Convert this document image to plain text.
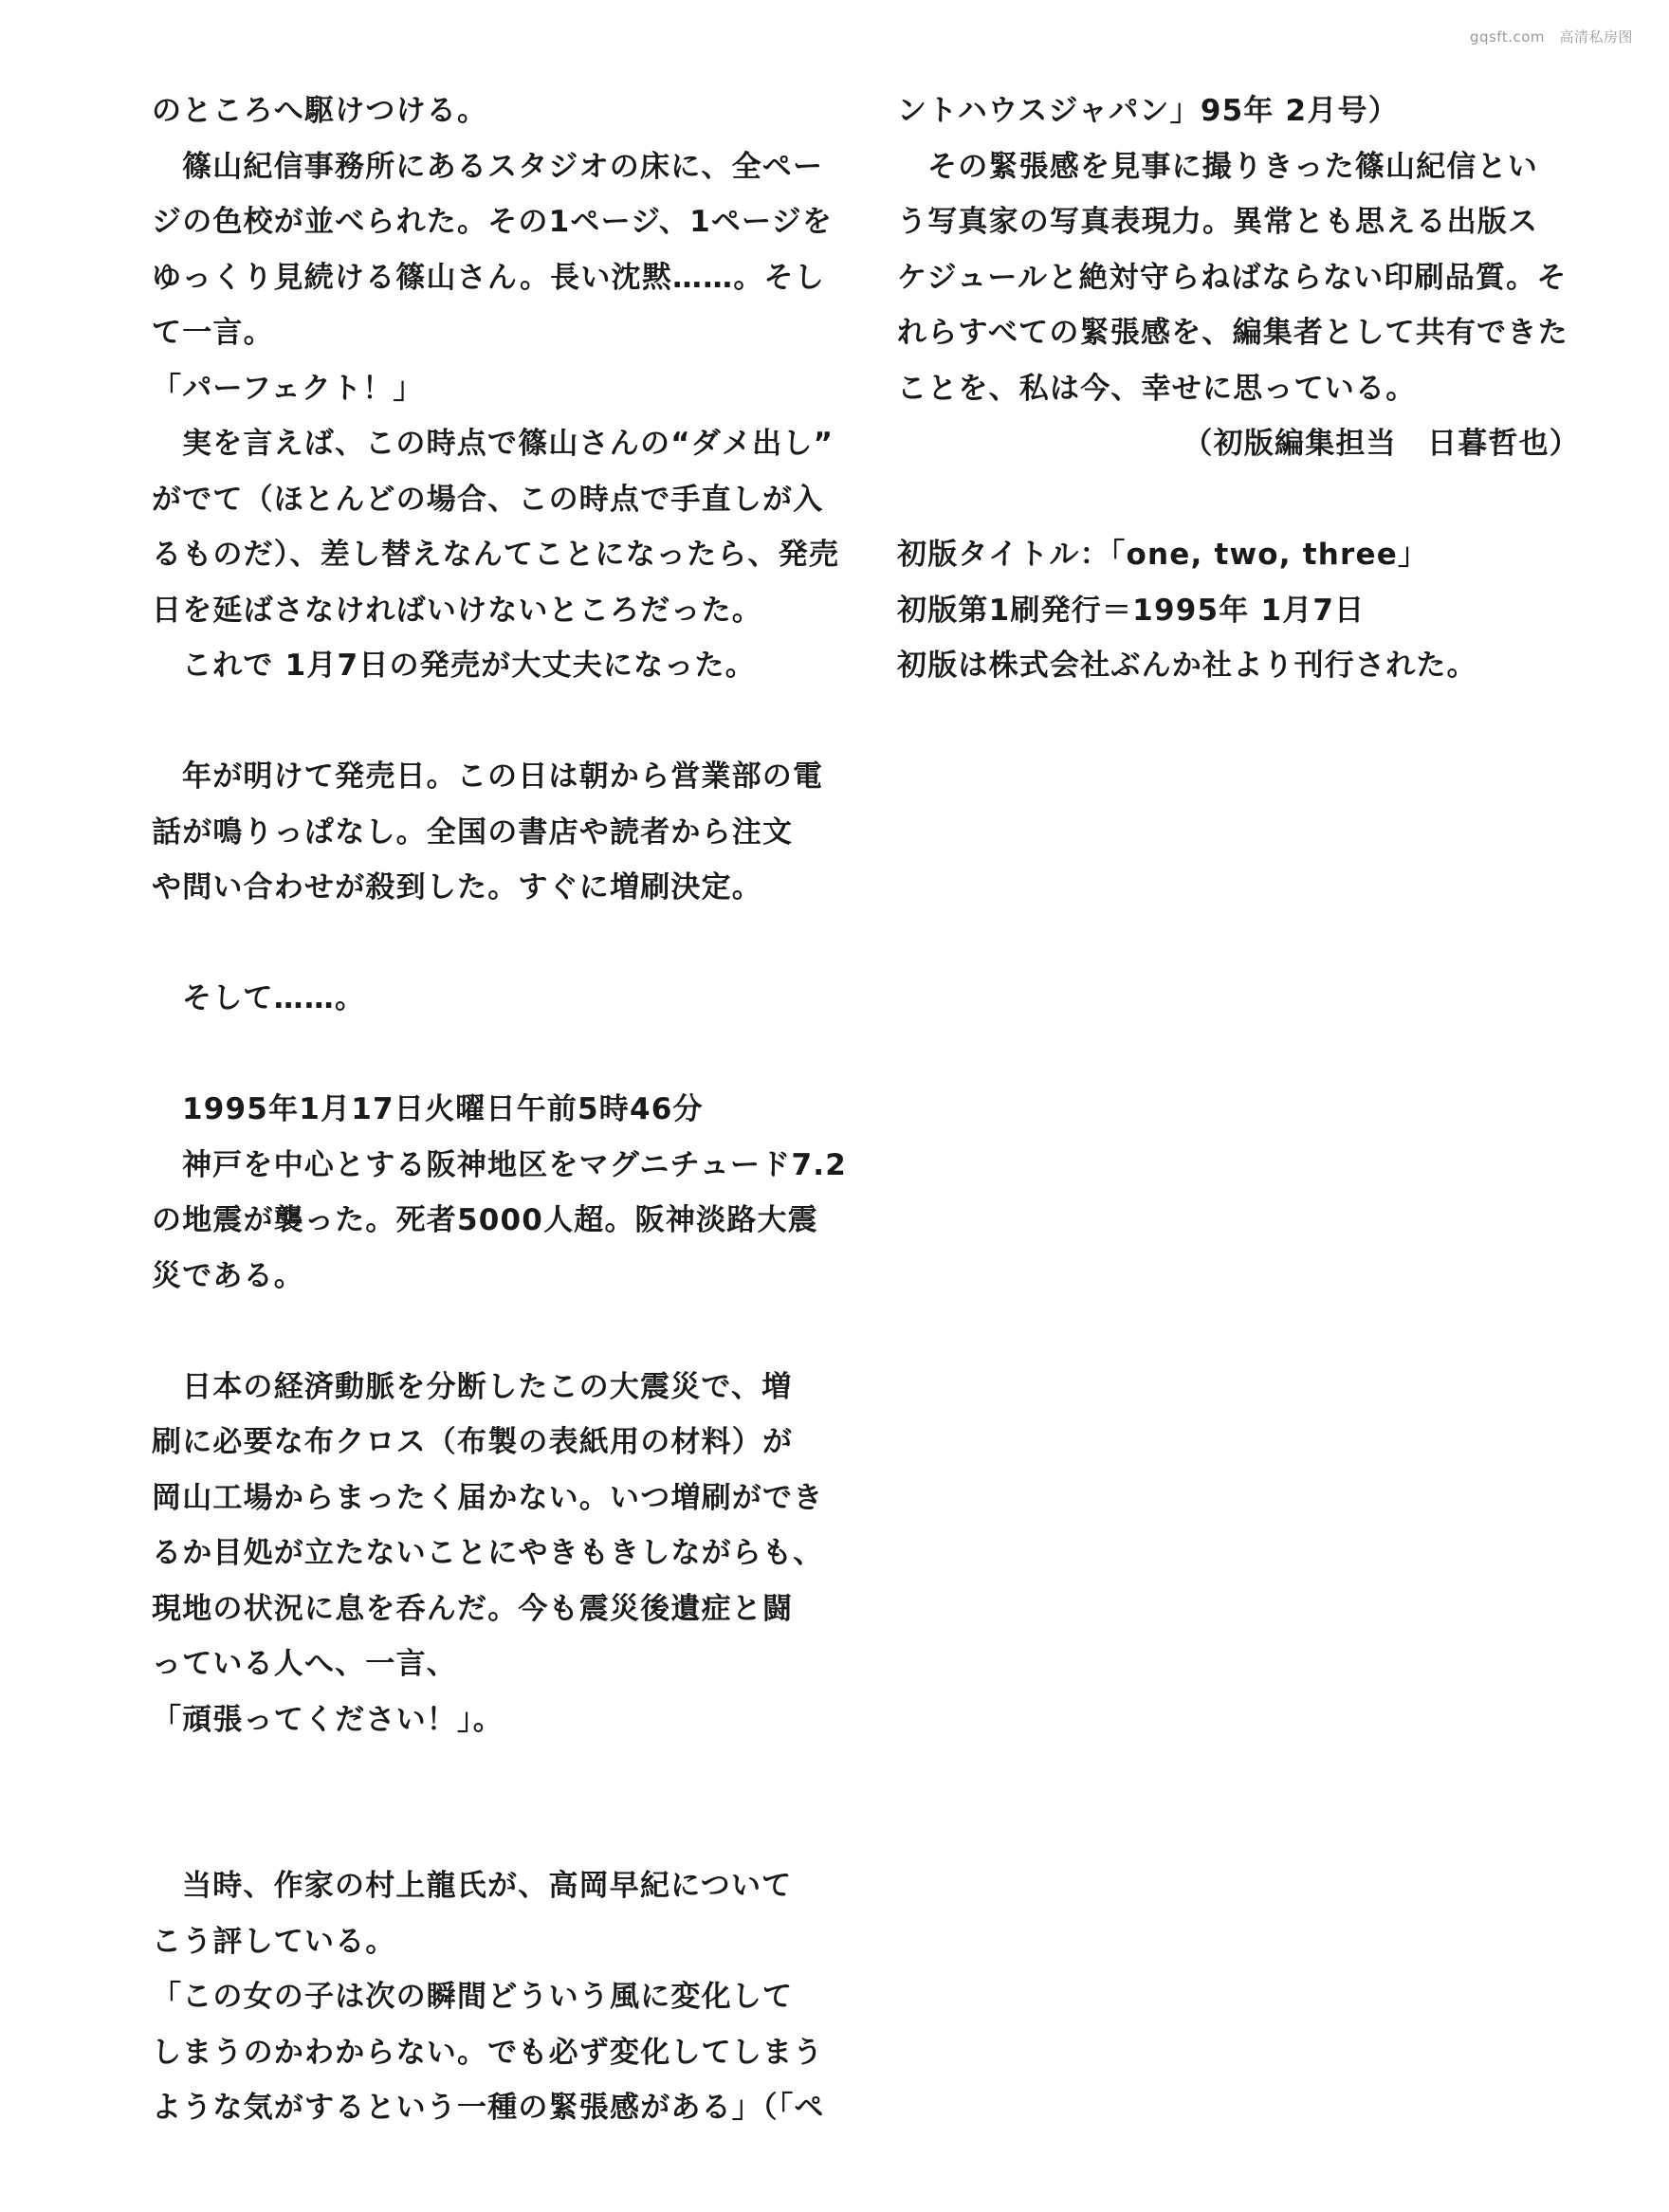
gqsft.com　高清私房图
のところへ駆けつける。
篠山紀信事務所にあるスタジオの床に、全ペー
ジの色校が並べられた。その1ページ、1ページを
ゆっくり見続ける篠山さん。長い沈黙……。そし
て一言。
「パーフェクト！」
実を言えば、この時点で篠山さんの“ダメ出し”
がでて（ほとんどの場合、この時点で手直しが入
るものだ）、差し替えなんてことになったら、発売
日を延ばさなければいけないところだった。
これで 1月7日の発売が大丈夫になった。
年が明けて発売日。この日は朝から営業部の電
話が鳴りっぱなし。全国の書店や読者から注文
や問い合わせが殺到した。すぐに増刷決定。
そして……。
1995年1月17日火曜日午前5時46分
神戸を中心とする阪神地区をマグニチュード7.2
の地震が襲った。死者5000人超。阪神淡路大震
災である。
日本の経済動脈を分断したこの大震災で、増
刷に必要な布クロス（布製の表紙用の材料）が
岡山工場からまったく届かない。いつ増刷ができ
るか目処が立たないことにやきもきしながらも、
現地の状況に息を呑んだ。今も震災後遺症と闘
っている人へ、一言、
「頑張ってください！」。
当時、作家の村上龍氏が、高岡早紀について
こう評している。
「この女の子は次の瞬間どういう風に変化して
しまうのかわからない。でも必ず変化してしまう
ような気がするという一種の緊張感がある」（「ペ
ントハウスジャパン」95年 2月号）
その緊張感を見事に撮りきった篠山紀信とい
う写真家の写真表現力。異常とも思える出版ス
ケジュールと絶対守らねばならない印刷品質。そ
れらすべての緊張感を、編集者として共有できた
ことを、私は今、幸せに思っている。
（初版編集担当　日暮哲也）
初版タイトル：「one, two, three」
初版第1刷発行＝1995年 1月7日
初版は株式会社ぶんか社より刊行された。
